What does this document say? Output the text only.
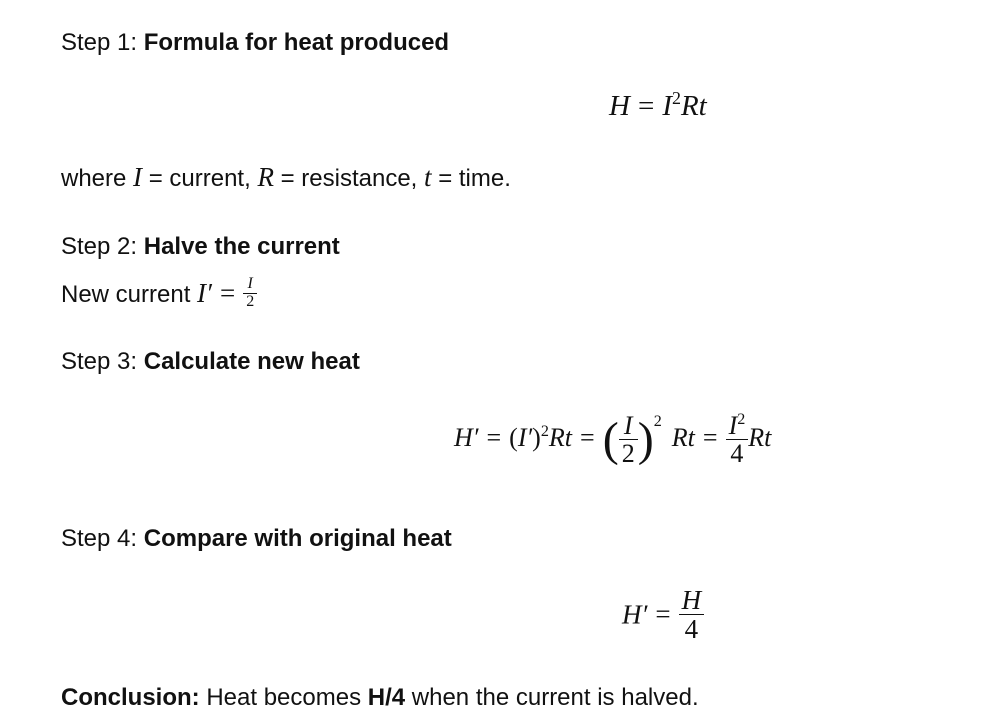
Step 1: Formula for heat produced
$H = I^2Rt$
where I = current, R = resistance, t = time.
Step 2: Halve the current
New current $I' = \frac{I}{2}$
Step 3: Calculate new heat
$H' = (I')^2Rt$ = ( $\frac{I}{2} )^2Rt = \frac{I^2}{4}$ Rt
Step 4: Compare with original heat
$H' = \frac{H}{4}$
Conclusion: Heat becomes H/4 when the current is halved.
